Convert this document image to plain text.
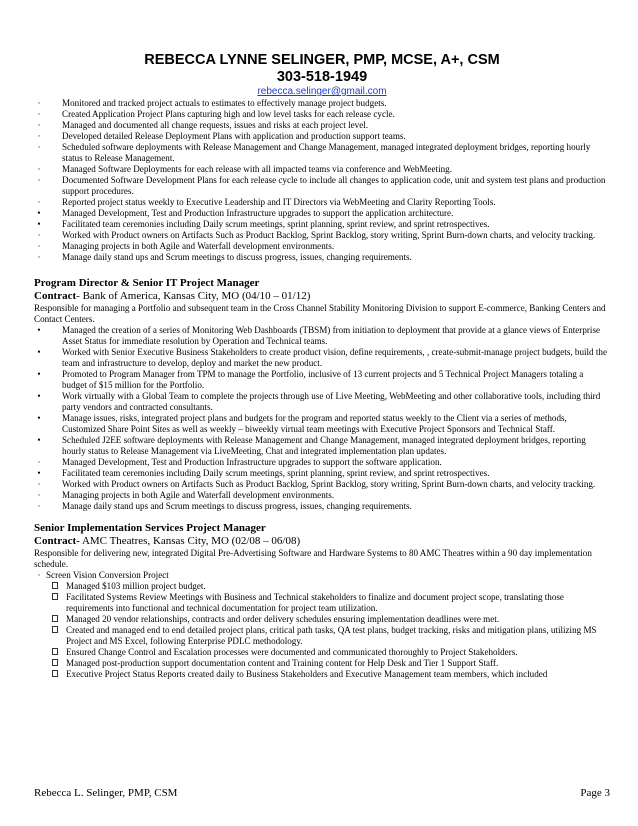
REBECCA LYNNE SELINGER, PMP, MCSE, A+, CSM
303-518-1949
rebecca.selinger@gmail.com
·	Monitored and tracked project actuals to estimates to effectively manage project budgets.
·	Created Application Project Plans capturing high and low level tasks for each release cycle.
·	Managed and documented all change requests, issues and risks at each project level.
·	Developed detailed Release Deployment Plans with application and production support teams.
·	Scheduled software deployments with Release Management and Change Management, managed integrated deployment bridges, reporting hourly status to Release Management.
·	Managed Software Deployments for each release with all impacted teams via conference and WebMeeting.
·	Documented Software Development Plans for each release cycle to include all changes to application code, unit and system test plans and production support procedures.
·	Reported project status weekly to Executive Leadership and IT Directors via WebMeeting and Clarity Reporting Tools.
•	Managed Development, Test and Production Infrastructure upgrades to support the application architecture.
•	Facilitated team ceremonies including Daily scrum meetings, sprint planning, sprint review, and sprint retrospectives.
·	Worked with Product owners on Artifacts Such as Product Backlog, Sprint Backlog, story writing, Sprint Burn-down charts, and velocity tracking.
·	Managing projects in both Agile and Waterfall development environments.
·	Manage daily stand ups and Scrum meetings to discuss progress, issues, changing requirements.
Program Director & Senior IT Project Manager
Contract- Bank of America, Kansas City, MO (04/10 – 01/12)
Responsible for managing a Portfolio and subsequent team in the Cross Channel Stability Monitoring Division to support E-commerce, Banking Centers and Contact Centers.
•	Managed the creation of a series of Monitoring Web Dashboards (TBSM) from initiation to deployment that provide at a glance views of Enterprise Asset Status for immediate resolution by Operation and Technical teams.
•	Worked with Senior Executive Business Stakeholders to create product vision, define requirements, , create-submit-manage project budgets, build the team and infrastructure to develop, deploy and market the new product.
•	Promoted to Program Manager from TPM to manage the Portfolio, inclusive of 13 current projects and 5 Technical Project Managers totaling a budget of $15 million for the Portfolio.
•	Work virtually with a Global Team to complete the projects through use of Live Meeting, WebMeeting and other collaborative tools, including third party vendors and contracted consultants.
•	Manage issues, risks, integrated project plans and budgets for the program and reported status weekly to the Client via a series of methods, Customized Share Point Sites as well as weekly – biweekly virtual team meetings with Executive Project Sponsors and Technical Staff.
•	Scheduled J2EE software deployments with Release Management and Change Management, managed integrated deployment bridges, reporting hourly status to Release Management via LiveMeeting, Chat and integrated implementation plan updates.
·	Managed Development, Test and Production Infrastructure upgrades to support the software application.
•	Facilitated team ceremonies including Daily scrum meetings, sprint planning, sprint review, and sprint retrospectives.
·	Worked with Product owners on Artifacts Such as Product Backlog, Sprint Backlog, story writing, Sprint Burn-down charts, and velocity tracking.
·	Managing projects in both Agile and Waterfall development environments.
·	Manage daily stand ups and Scrum meetings to discuss progress, issues, changing requirements.
Senior Implementation Services Project Manager
Contract- AMC Theatres, Kansas City, MO (02/08 – 06/08)
Responsible for delivering new, integrated Digital Pre-Advertising Software and Hardware Systems to 80 AMC Theatres within a 90 day implementation schedule.
· Screen Vision Conversion Project
Managed $103 million project budget.
Facilitated Systems Review Meetings with Business and Technical stakeholders to finalize and document project scope, translating those requirements into functional and technical documentation for project team utilization.
Managed 20 vendor relationships, contracts and order delivery schedules ensuring implementation deadlines were met.
Created and managed end to end detailed project plans, critical path tasks, QA test plans, budget tracking, risks and mitigation plans, utilizing MS Project and MS Excel, following Enterprise PDLC methodology.
Ensured Change Control and Escalation processes were documented and communicated thoroughly to Project Stakeholders.
Managed post-production support documentation content and Training content for Help Desk and Tier 1 Support Staff.
Executive Project Status Reports created daily to Business Stakeholders and Executive Management team members, which included
Rebecca L. Selinger, PMP, CSM	Page 3
